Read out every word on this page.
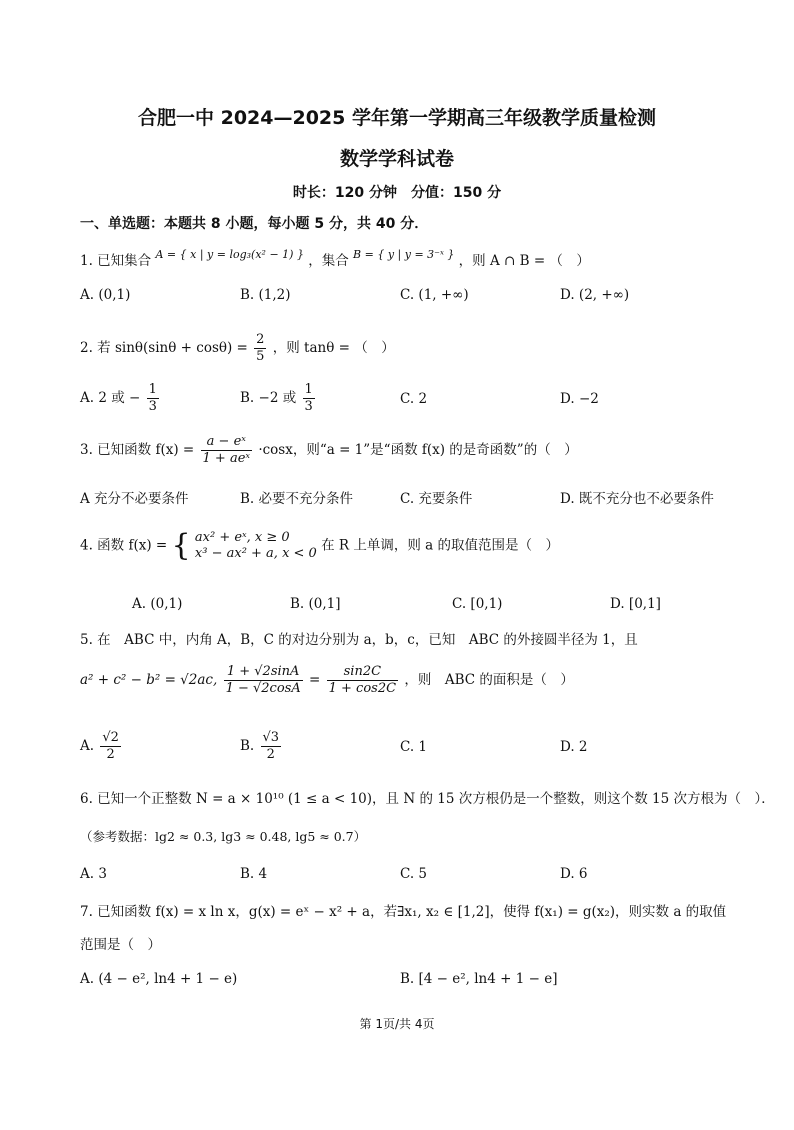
合肥一中 2024—2025 学年第一学期高三年级教学质量检测
数学学科试卷
时长：120 分钟　分值：150 分
一、单选题：本题共 8 小题，每小题 5 分，共 40 分．
1. 已知集合 $^{A = \{ x | y = log_3(x^2 - 1) \}}$ ，集合 $^{B = \{ y | y = 3^-ˣ \}}$ ，则 A ∩ B = （　）
A. (0,1)	B. (1,2)	C. (1, +∞)	D. (2, +∞)
2. 若 $\sin\theta(\sin\theta + \cos\theta) = \frac{2}{5}$ ，则 tanθ = （　）
A. 2 或 − $\frac{1}{3}$	B. −2 或 $\frac{1}{3}$	C. 2	D. −2
3. 已知函数 $f(x) = \frac{\text{a − eˣ}}{\text{1 + aeˣ}} \cdot\cos x$，则“a = 1”是“函数 f(x) 的是奇函数”的（　）
A 充分不必要条件	B. 必要不充分条件	C. 充要条件	D. 既不充分也不必要条件
4. 函数 f(x) = { ax² + eˣ, x ≥ 0
x³ − ax² + a, x < 0 在 R 上单调，则 a 的取值范围是（　）
A. (0,1)	B. (0,1]	C. [0,1)	D. [0,1]
5. 在　ABC 中，内角 A，B，C 的对边分别为 a，b，c，已知　ABC 的外接圆半径为 1，且
a² + c² − b² = √2ac, $\frac{1 + √2\sin A}{1 - √2\cos A} = \frac{\sin 2C}{1 + \cos 2C}$ ，则　ABC 的面积是（　）
A. $\frac{√2}{2}$	B. $\frac{√3}{2}$	C. 1	D. 2
6. 已知一个正整数 N = a × 10¹⁰ (1 ≤ a < 10)，且 N 的 15 次方根仍是一个整数，则这个数 15 次方根为（　）．
（参考数据：lg2 ≈ 0.3, lg3 ≈ 0.48, lg5 ≈ 0.7）
A. 3	B. 4	C. 5	D. 6
7. 已知函数 f(x) = x ln x，g(x) = eˣ − x² + a，若∃x₁, x₂ ∈ [1,2]，使得 f(x₁) = g(x₂)，则实数 a 的取值
范围是（　）
A. (4 − e², ln4 + 1 − e)	B. [4 − e², ln4 + 1 − e]
第 1页/共 4页
